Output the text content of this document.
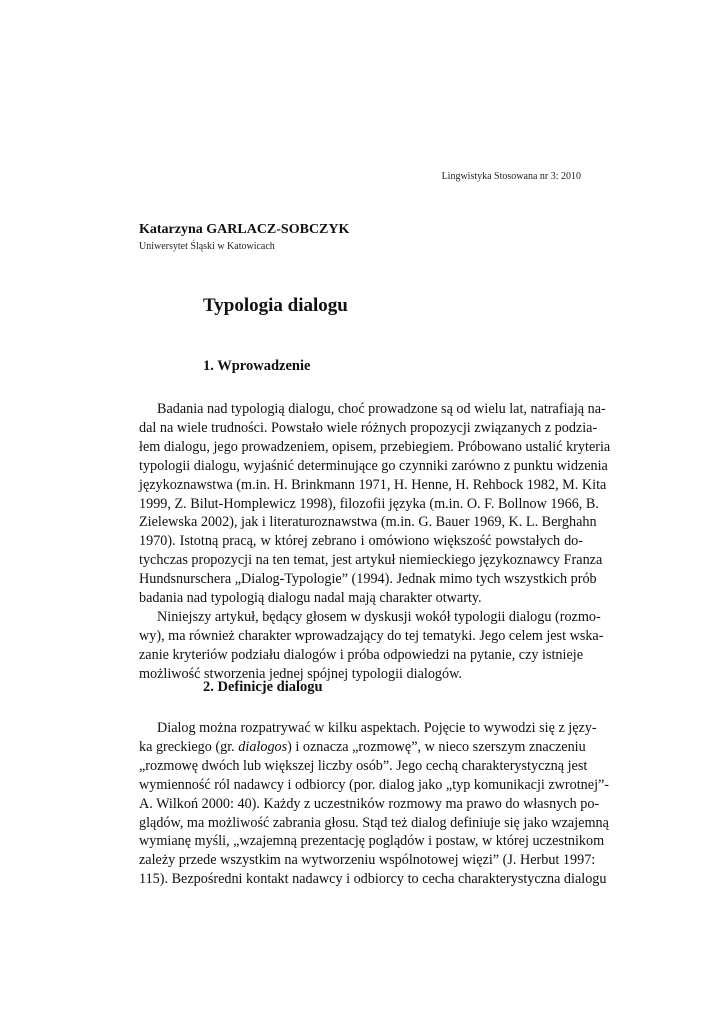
Lingwistyka Stosowana nr 3: 2010
Katarzyna GARLACZ-SOBCZYK
Uniwersytet Śląski w Katowicach
Typologia dialogu
1. Wprowadzenie

Badania nad typologią dialogu, choć prowadzone są od wielu lat, natrafiają na-
dal na wiele trudności. Powstało wiele różnych propozycji związanych z podzia-
łem dialogu, jego prowadzeniem, opisem, przebiegiem. Próbowano ustalić kryteria
typologii dialogu, wyjaśnić determinujące go czynniki zarówno z punktu widzenia
językoznawstwa (m.in. H. Brinkmann 1971, H. Henne, H. Rehbock 1982, M. Kita
1999, Z. Bilut-Homplewicz 1998), filozofii języka (m.in. O. F. Bollnow 1966, B.
Zielewska 2002), jak i literaturoznawstwa (m.in. G. Bauer 1969, K. L. Berghahn
1970). Istotną pracą, w której zebrano i omówiono większość powstałych do-
tychczas propozycji na ten temat, jest artykuł niemieckiego językoznawcy Franza
Hundsnurschera „Dialog-Typologie” (1994). Jednak mimo tych wszystkich prób
badania nad typologią dialogu nadal mają charakter otwarty.

Niniejszy artykuł, będący głosem w dyskusji wokół typologii dialogu (rozmo-
wy), ma również charakter wprowadzający do tej tematyki. Jego celem jest wska-
zanie kryteriów podziału dialogów i próba odpowiedzi na pytanie, czy istnieje
możliwość stworzenia jednej spójnej typologii dialogów.

2. Definicje dialogu

Dialog można rozpatrywać w kilku aspektach. Pojęcie to wywodzi się z języ-
ka greckiego (gr. dialogos) i oznacza „rozmowę”, w nieco szerszym znaczeniu
„rozmowę dwóch lub większej liczby osób”. Jego cechą charakterystyczną jest
wymienność ról nadawcy i odbiorcy (por. dialog jako „typ komunikacji zwrotnej”-
A. Wilkoń 2000: 40). Każdy z uczestników rozmowy ma prawo do własnych po-
glądów, ma możliwość zabrania głosu. Stąd też dialog definiuje się jako wzajemną
wymianę myśli, „wzajemną prezentację poglądów i postaw, w której uczestnikom
zależy przede wszystkim na wytworzeniu wspólnotowej więzi” (J. Herbut 1997:
115). Bezpośredni kontakt nadawcy i odbiorcy to cecha charakterystyczna dialogu
